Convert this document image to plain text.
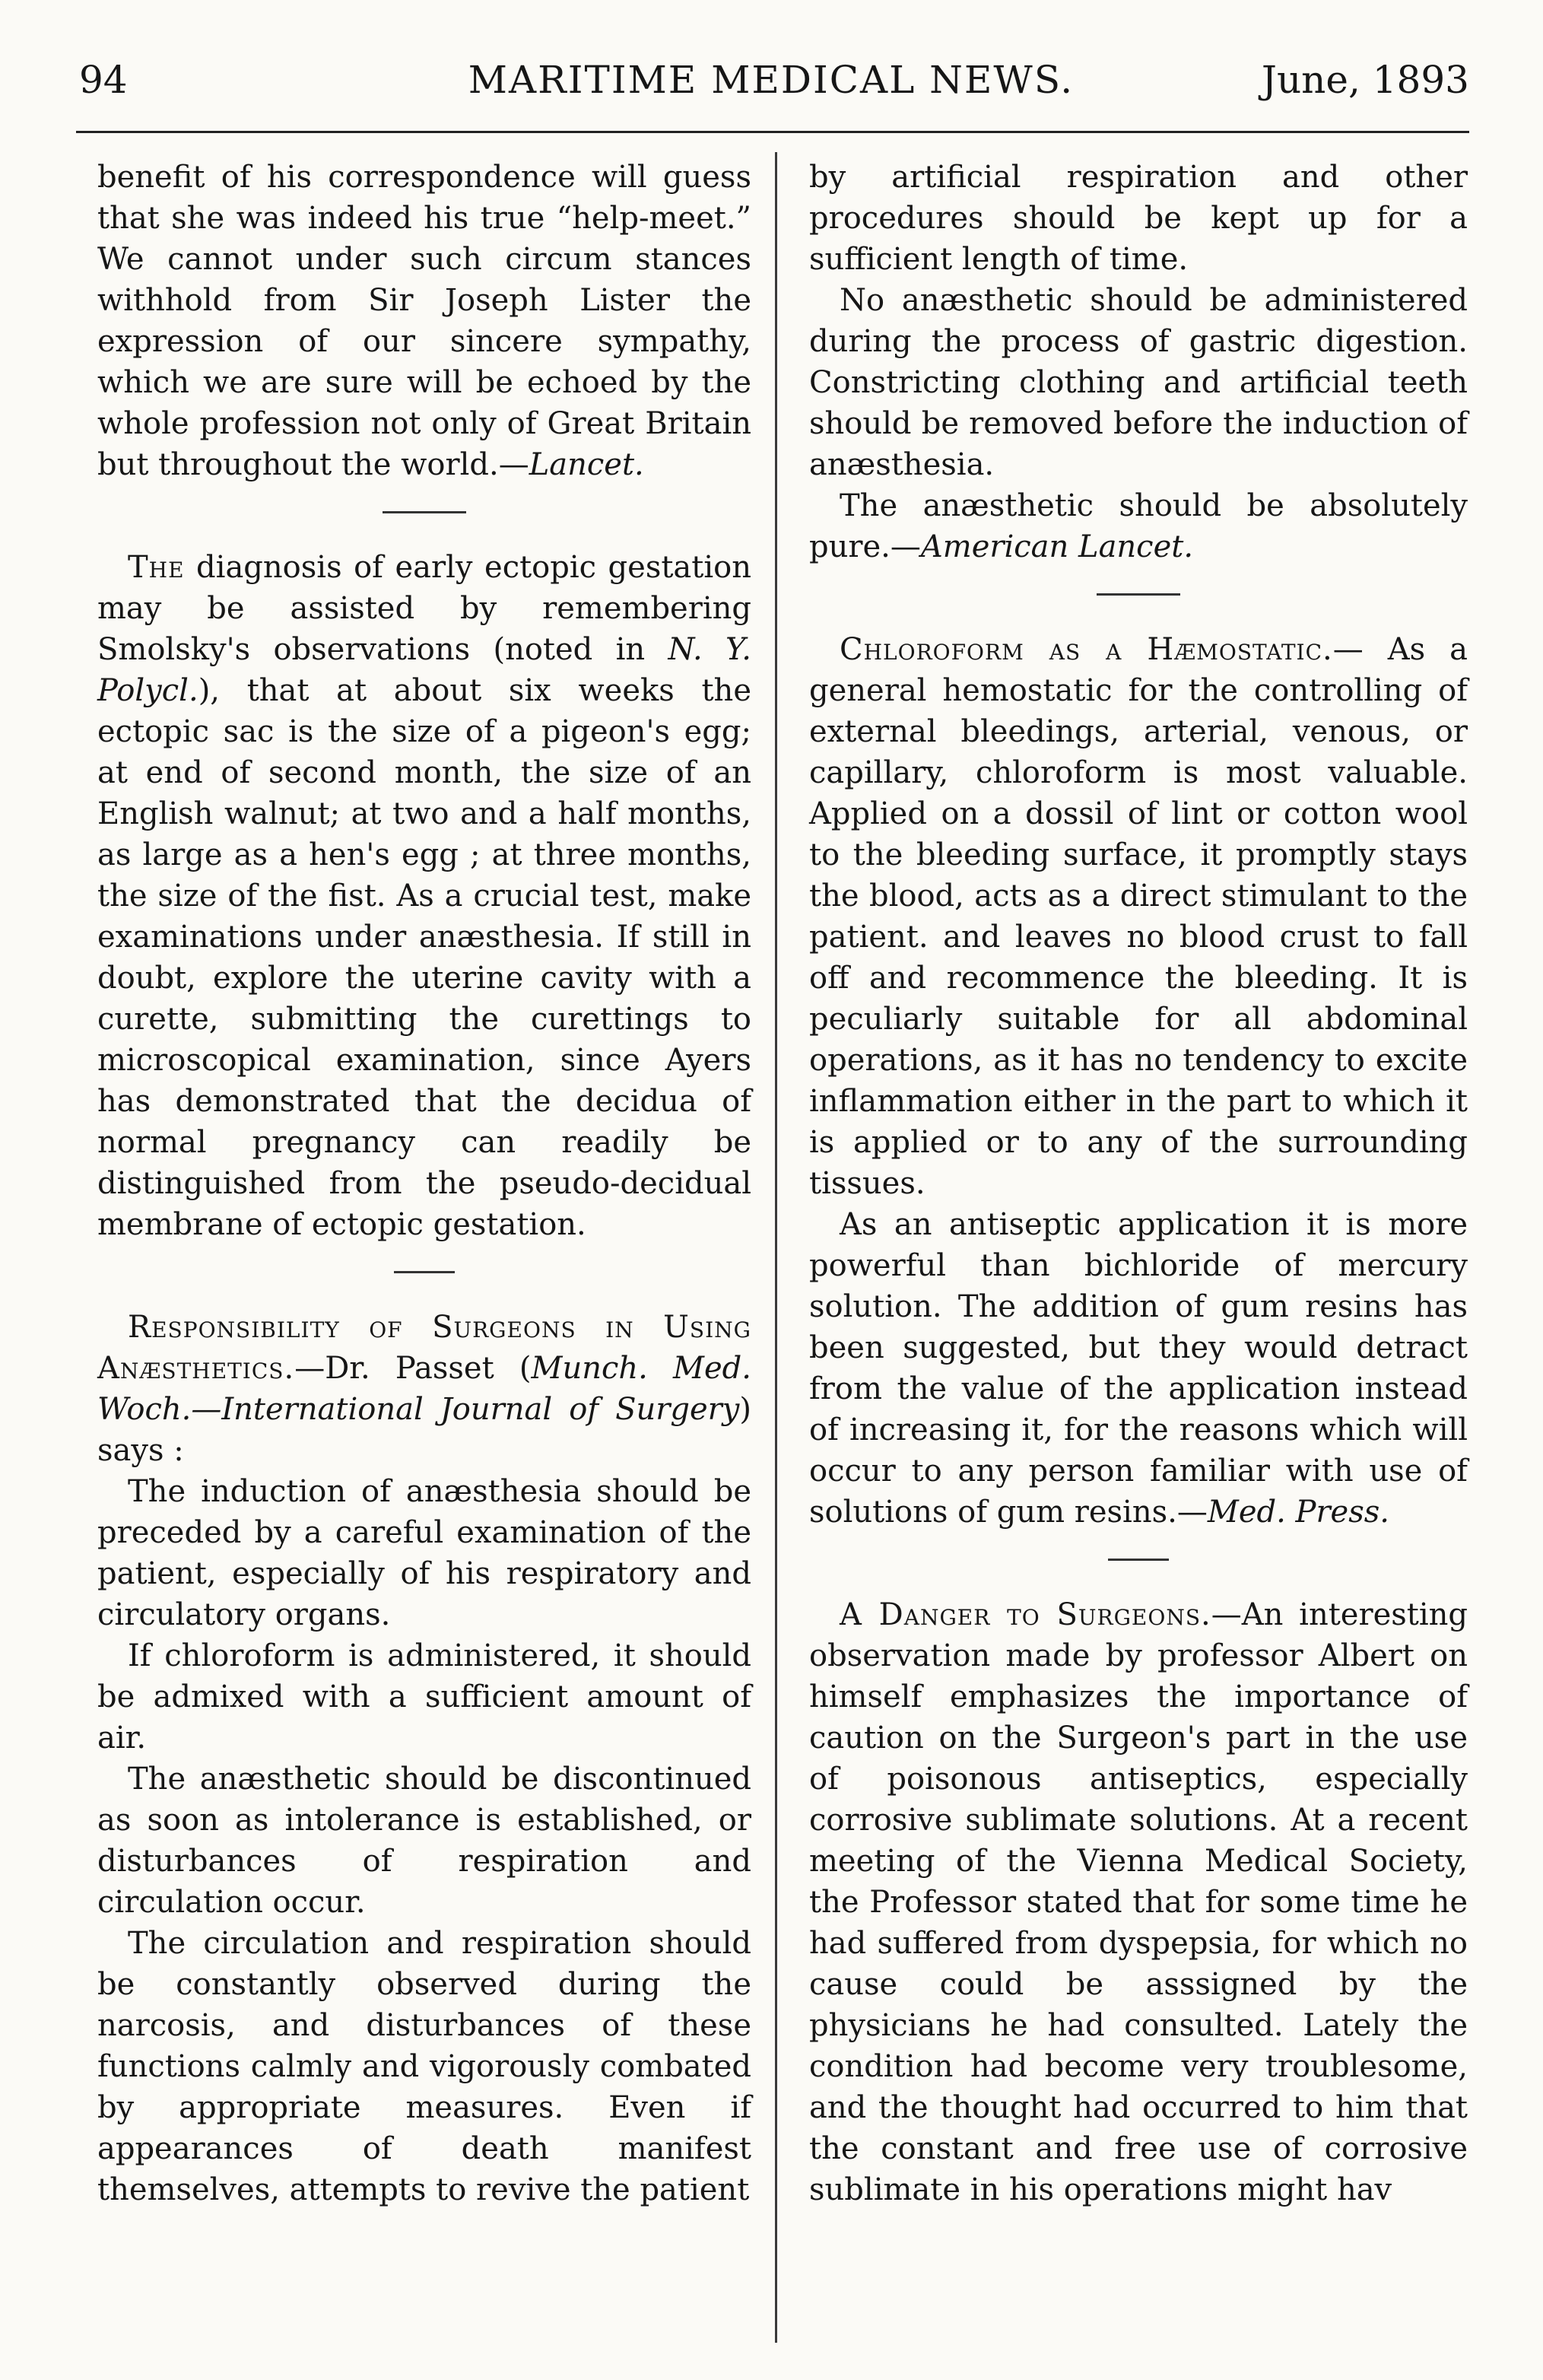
94	MARITIME MEDICAL NEWS.	June, 1893

benefit of his correspondence will guess that she was indeed his true “help-meet.” We cannot under such circum stances withhold from Sir Joseph Lister the expression of our sincere sympathy, which we are sure will be echoed by the whole profession not only of Great Britain but throughout the world.—Lancet.

The diagnosis of early ectopic gestation may be assisted by remembering Smolsky's observations (noted in N. Y. Polycl.), that at about six weeks the ectopic sac is the size of a pigeon's egg; at end of second month, the size of an English walnut; at two and a half months, as large as a hen's egg ; at three months, the size of the fist. As a crucial test, make examinations under anæsthesia. If still in doubt, explore the uterine cavity with a curette, submitting the curettings to microscopical examination, since Ayers has demonstrated that the decidua of normal pregnancy can readily be distinguished from the pseudo-decidual membrane of ectopic gestation.

Responsibility of Surgeons in Using Anæsthetics.—Dr. Passet (Munch. Med. Woch.—International Journal of Surgery) says :

The induction of anæsthesia should be preceded by a careful examination of the patient, especially of his respiratory and circulatory organs.

If chloroform is administered, it should be admixed with a sufficient amount of air.

The anæsthetic should be discontinued as soon as intolerance is established, or disturbances of respiration and circulation occur.

The circulation and respiration should be constantly observed during the narcosis, and disturbances of these functions calmly and vigorously combated by appropriate measures. Even if appearances of death manifest themselves, attempts to revive the patient

by artificial respiration and other procedures should be kept up for a sufficient length of time.

No anæsthetic should be administered during the process of gastric digestion. Constricting clothing and artificial teeth should be removed before the induction of anæsthesia.

The anæsthetic should be absolutely pure.—American Lancet.

Chloroform as a Hæmostatic.— As a general hemostatic for the controlling of external bleedings, arterial, venous, or capillary, chloroform is most valuable. Applied on a dossil of lint or cotton wool to the bleeding surface, it promptly stays the blood, acts as a direct stimulant to the patient. and leaves no blood crust to fall off and recommence the bleeding. It is peculiarly suitable for all abdominal operations, as it has no tendency to excite inflammation either in the part to which it is applied or to any of the surrounding tissues.

As an antiseptic application it is more powerful than bichloride of mercury solution. The addition of gum resins has been suggested, but they would detract from the value of the application instead of increasing it, for the reasons which will occur to any person familiar with use of solutions of gum resins.—Med. Press.

A Danger to Surgeons.—An interesting observation made by professor Albert on himself emphasizes the importance of caution on the Surgeon's part in the use of poisonous antiseptics, especially corrosive sublimate solutions. At a recent meeting of the Vienna Medical Society, the Professor stated that for some time he had suffered from dyspepsia, for which no cause could be asssigned by the physicians he had consulted. Lately the condition had become very troublesome, and the thought had occurred to him that the constant and free use of corrosive sublimate in his operations might hav
